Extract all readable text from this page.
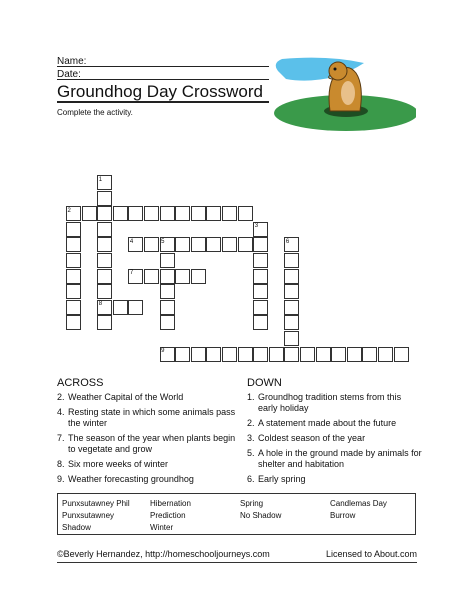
Name:
Date:
Groundhog Day Crossword
Complete the activity.
1
2
3
4	5	6
7
8
9
ACROSS
2. Weather Capital of the World
4. Resting state in which some animals pass the winter
7. The season of the year when plants begin to vegetate and grow
8. Six more weeks of winter
9. Weather forecasting groundhog
DOWN
1. Groundhog tradition stems from this early holiday
2. A statement made about the future
3. Coldest season of the year
5. A hole in the ground made by animals for shelter and habitation
6. Early spring
Punxsutawney Phil	Hibernation	Spring	Candlemas Day
Punxsutawney	Prediction	No Shadow	Burrow
Shadow	Winter
©Beverly Hernandez, http://homeschooljourneys.com	Licensed to About.com
